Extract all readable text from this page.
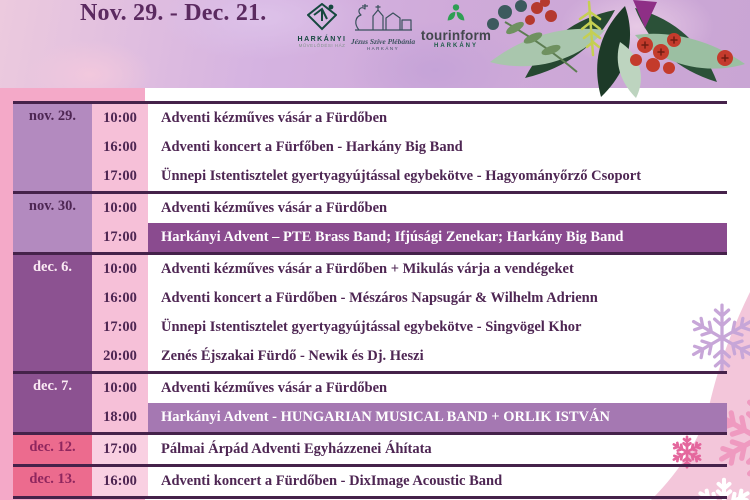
Nov. 29. - Dec. 21.
HARKÁNYI
MŰVELŐDÉSI HÁZ Jézus Szíve Plébánia
HARKÁNY
tourinform
HARKÁNY
nov. 29.	10:00	Adventi kézműves vásár a Fürdőben
16:00	Adventi koncert a Fürfőben - Harkány Big Band
17:00	Ünnepi Istentisztelet gyertyagyújtással egybekötve - Hagyományőrző Csoport
nov. 30.	10:00	Adventi kézműves vásár a Fürdőben
17:00	Harkányi Advent – PTE Brass Band; Ifjúsági Zenekar; Harkány Big Band
dec. 6.	10:00	Adventi kézműves vásár a Fürdőben + Mikulás várja a vendégeket
16:00	Adventi koncert a Fürdőben - Mészáros Napsugár & Wilhelm Adrienn
17:00	Ünnepi Istentisztelet gyertyagyújtással egybekötve - Singvögel Khor
20:00	Zenés Éjszakai Fürdő - Newik és Dj. Heszi
dec. 7.	10:00	Adventi kézműves vásár a Fürdőben
18:00	Harkányi Advent - HUNGARIAN MUSICAL BAND + ORLIK ISTVÁN
dec. 12.	17:00	Pálmai Árpád Adventi Egyházzenei Áhítata
dec. 13.	16:00	Adventi koncert a Fürdőben - DixImage Acoustic Band
